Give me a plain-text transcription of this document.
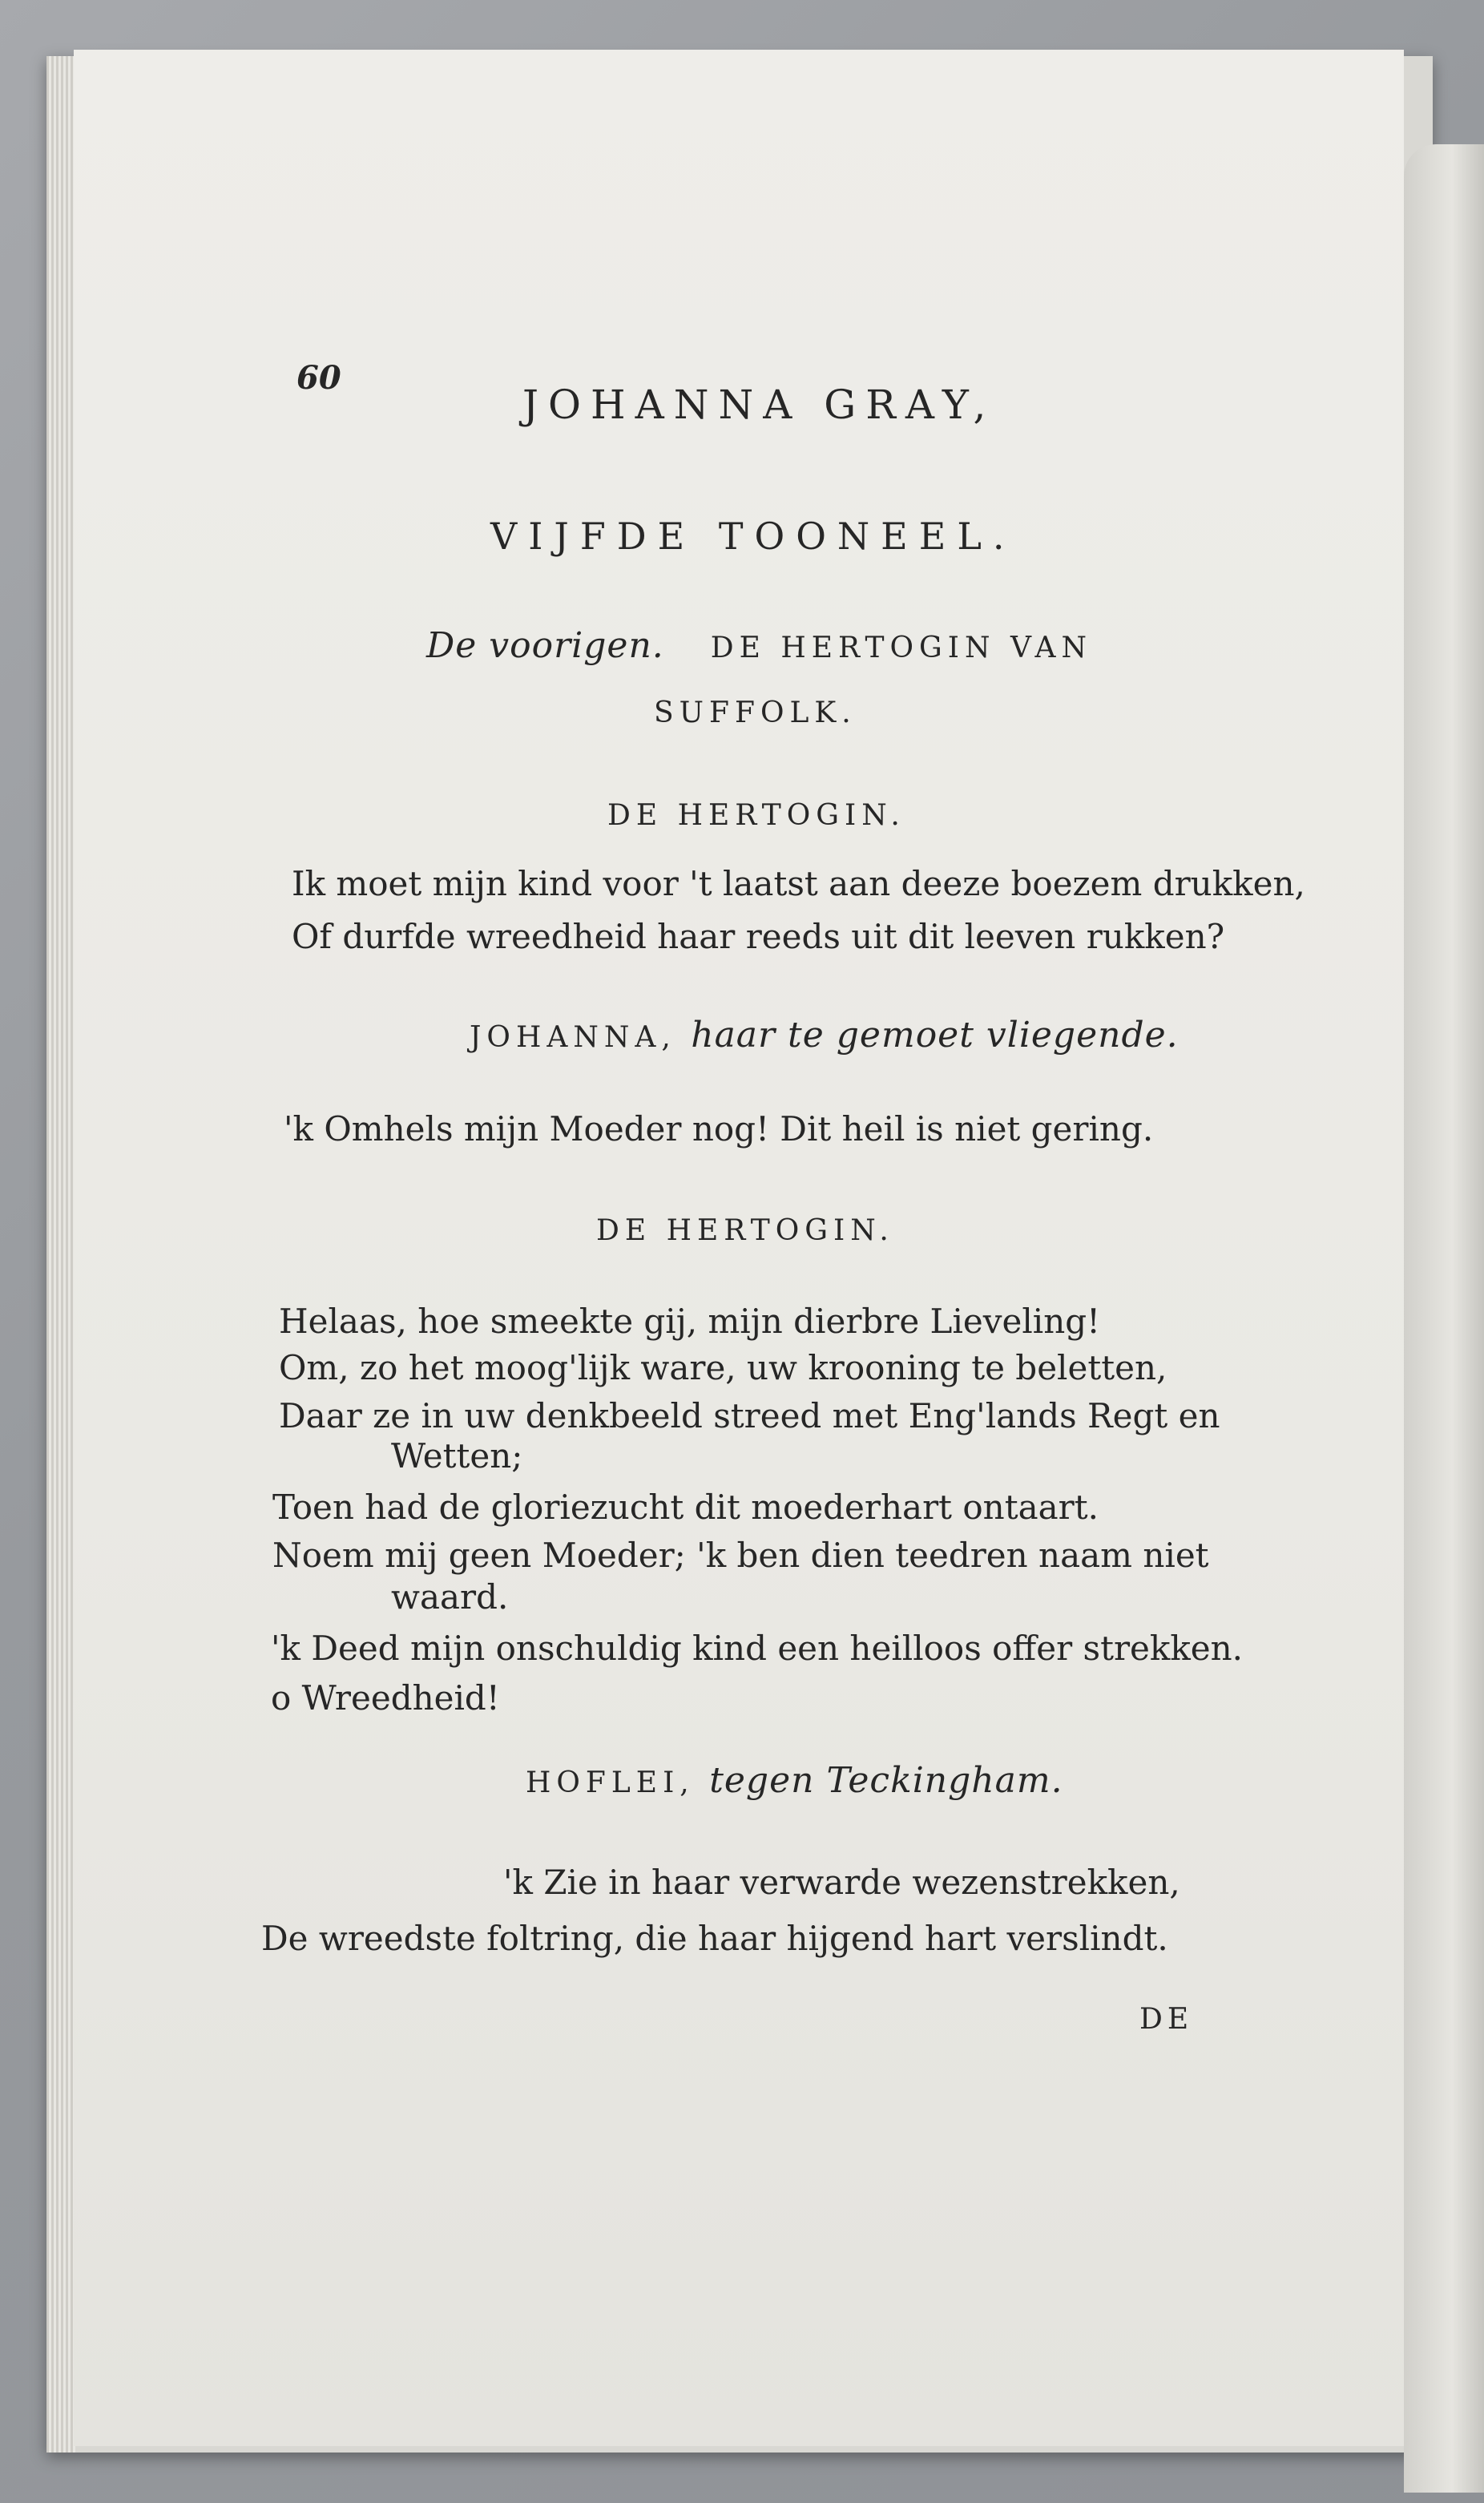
60
JOHANNA GRAY,
VIJFDE TOONEEL.
De voorigen. DE HERTOGIN VAN
SUFFOLK.
DE HERTOGIN.
Ik moet mijn kind voor 't laatst aan deeze boezem drukken,
Of durfde wreedheid haar reeds uit dit leeven rukken?
JOHANNA, haar te gemoet vliegende.
'k Omhels mijn Moeder nog! Dit heil is niet gering.
DE HERTOGIN.
Helaas, hoe smeekte gij, mijn dierbre Lieveling!
Om, zo het moog'lijk ware, uw krooning te beletten,
Daar ze in uw denkbeeld streed met Eng'lands Regt en
Wetten;
Toen had de gloriezucht dit moederhart ontaart.
Noem mij geen Moeder; 'k ben dien teedren naam niet
waard.
'k Deed mijn onschuldig kind een heilloos offer strekken.
o Wreedheid!
HOFLEI, tegen Teckingham.
'k Zie in haar verwarde wezenstrekken,
De wreedste foltring, die haar hijgend hart verslindt.
DE
